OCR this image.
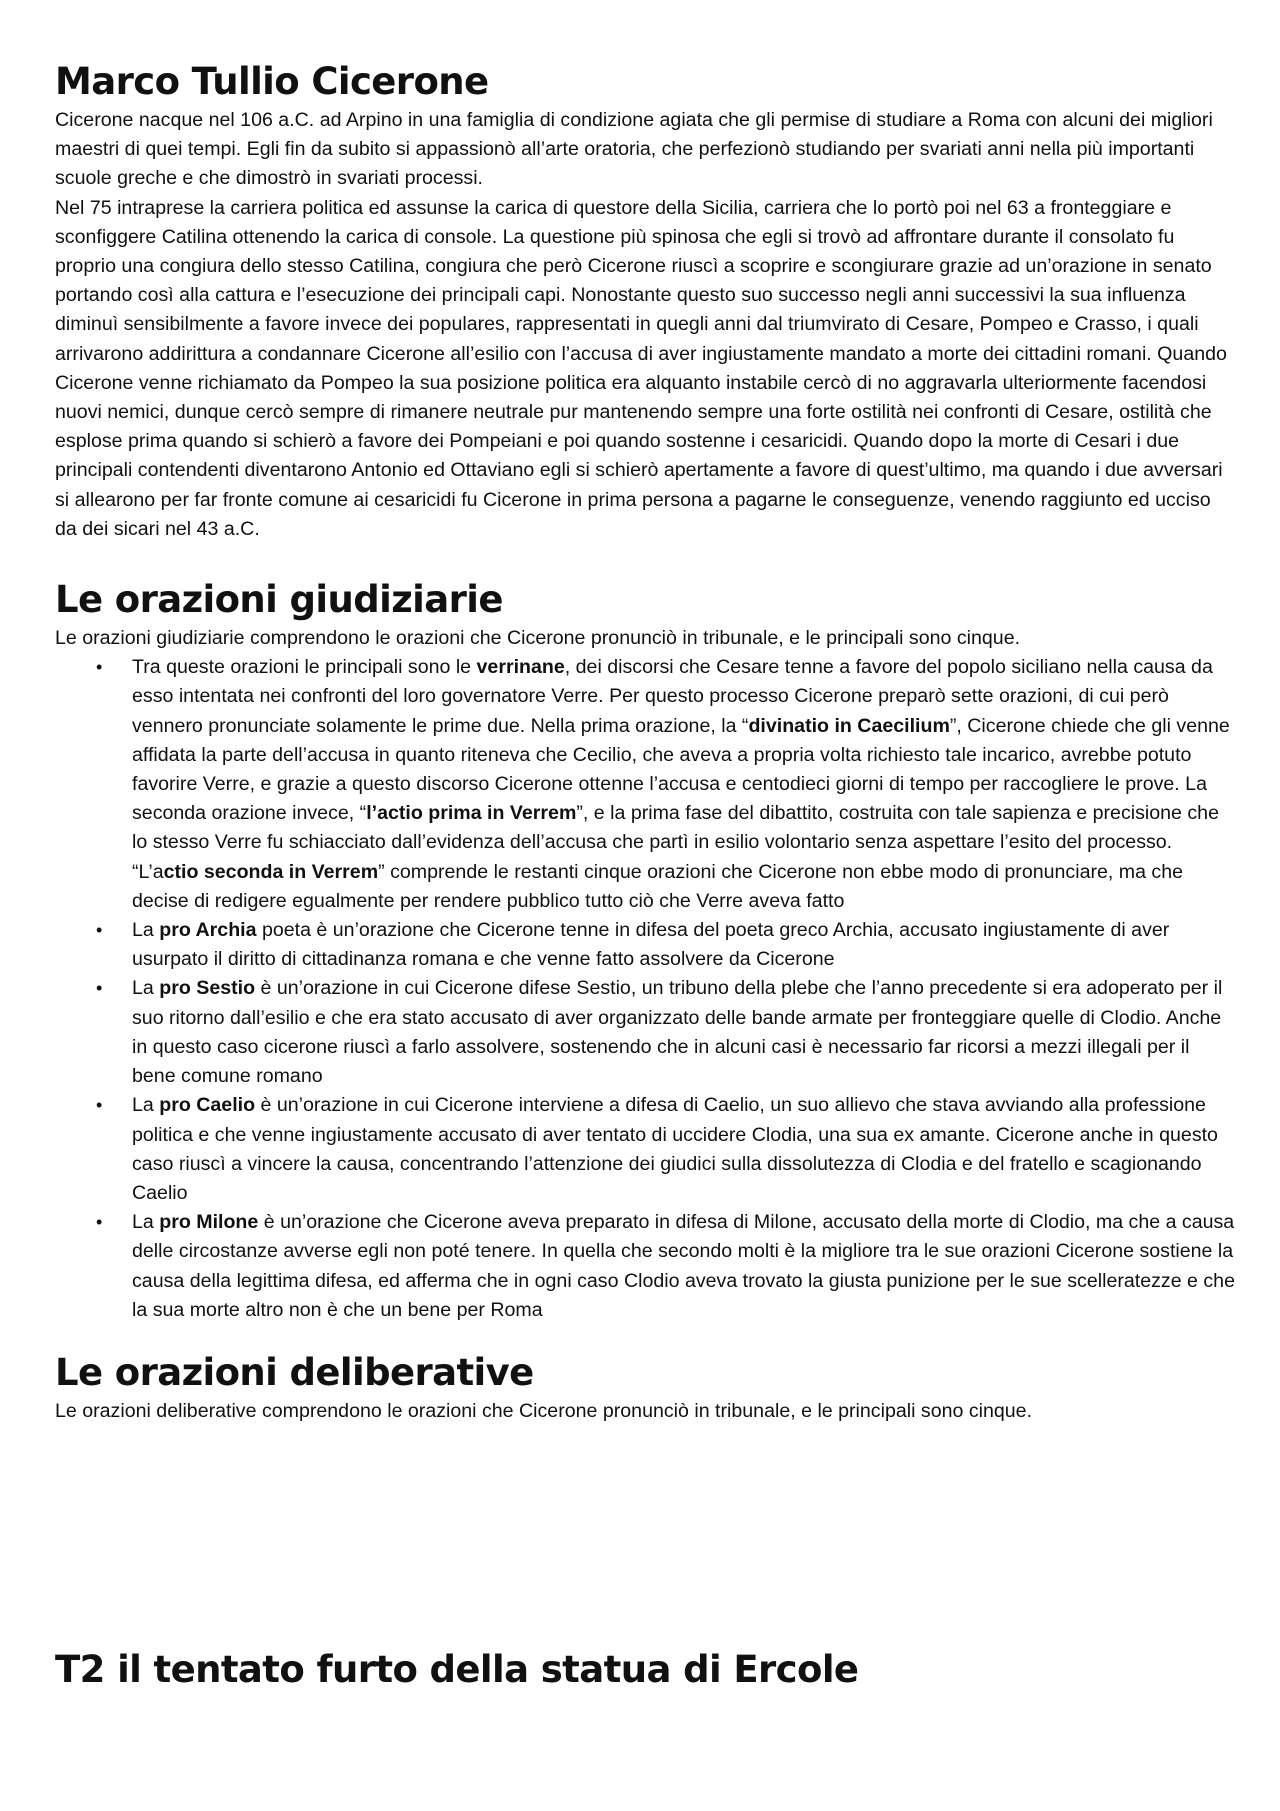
Marco Tullio Cicerone

Cicerone nacque nel 106 a.C. ad Arpino in una famiglia di condizione agiata che gli permise di studiare a Roma con alcuni dei migliori maestri di quei tempi. Egli fin da subito si appassionò all’arte oratoria, che perfezionò studiando per svariati anni nella più importanti scuole greche e che dimostrò in svariati processi.

Nel 75 intraprese la carriera politica ed assunse la carica di questore della Sicilia, carriera che lo portò poi nel 63 a fronteggiare e sconfiggere Catilina ottenendo la carica di console. La questione più spinosa che egli si trovò ad affrontare durante il consolato fu proprio una congiura dello stesso Catilina, congiura che però Cicerone riuscì a scoprire e scongiurare grazie ad un’orazione in senato portando così alla cattura e l’esecuzione dei principali capi. Nonostante questo suo successo negli anni successivi la sua influenza diminuì sensibilmente a favore invece dei populares, rappresentati in quegli anni dal triumvirato di Cesare, Pompeo e Crasso, i quali arrivarono addirittura a condannare Cicerone all’esilio con l’accusa di aver ingiustamente mandato a morte dei cittadini romani. Quando Cicerone venne richiamato da Pompeo la sua posizione politica era alquanto instabile cercò di no aggravarla ulteriormente facendosi nuovi nemici, dunque cercò sempre di rimanere neutrale pur mantenendo sempre una forte ostilità nei confronti di Cesare, ostilità che esplose prima quando si schierò a favore dei Pompeiani e poi quando sostenne i cesaricidi. Quando dopo la morte di Cesari i due principali contendenti diventarono Antonio ed Ottaviano egli si schierò apertamente a favore di quest’ultimo, ma quando i due avversari si allearono per far fronte comune ai cesaricidi fu Cicerone in prima persona a pagarne le conseguenze, venendo raggiunto ed ucciso da dei sicari nel 43 a.C.

Le orazioni giudiziarie

Le orazioni giudiziarie comprendono le orazioni che Cicerone pronunciò in tribunale, e le principali sono cinque.

• Tra queste orazioni le principali sono le verrinane, dei discorsi che Cesare tenne a favore del popolo siciliano nella causa da esso intentata nei confronti del loro governatore Verre. Per questo processo Cicerone preparò sette orazioni, di cui però vennero pronunciate solamente le prime due. Nella prima orazione, la “divinatio in Caecilium”, Cicerone chiede che gli venne affidata la parte dell’accusa in quanto riteneva che Cecilio, che aveva a propria volta richiesto tale incarico, avrebbe potuto favorire Verre, e grazie a questo discorso Cicerone ottenne l’accusa e centodieci giorni di tempo per raccogliere le prove. La seconda orazione invece, “l’actio prima in Verrem”, e la prima fase del dibattito, costruita con tale sapienza e precisione che lo stesso Verre fu schiacciato dall’evidenza dell’accusa che partì in esilio volontario senza aspettare l’esito del processo. “L’actio seconda in Verrem” comprende le restanti cinque orazioni che Cicerone non ebbe modo di pronunciare, ma che decise di redigere egualmente per rendere pubblico tutto ciò che Verre aveva fatto
• La pro Archia poeta è un’orazione che Cicerone tenne in difesa del poeta greco Archia, accusato ingiustamente di aver usurpato il diritto di cittadinanza romana e che venne fatto assolvere da Cicerone
• La pro Sestio è un’orazione in cui Cicerone difese Sestio, un tribuno della plebe che l’anno precedente si era adoperato per il suo ritorno dall’esilio e che era stato accusato di aver organizzato delle bande armate per fronteggiare quelle di Clodio. Anche in questo caso cicerone riuscì a farlo assolvere, sostenendo che in alcuni casi è necessario far ricorsi a mezzi illegali per il bene comune romano
• La pro Caelio è un’orazione in cui Cicerone interviene a difesa di Caelio, un suo allievo che stava avviando alla professione politica e che venne ingiustamente accusato di aver tentato di uccidere Clodia, una sua ex amante. Cicerone anche in questo caso riuscì a vincere la causa, concentrando l’attenzione dei giudici sulla dissolutezza di Clodia e del fratello e scagionando Caelio
• La pro Milone è un’orazione che Cicerone aveva preparato in difesa di Milone, accusato della morte di Clodio, ma che a causa delle circostanze avverse egli non poté tenere. In quella che secondo molti è la migliore tra le sue orazioni Cicerone sostiene la causa della legittima difesa, ed afferma che in ogni caso Clodio aveva trovato la giusta punizione per le sue scelleratezze e che la sua morte altro non è che un bene per Roma
Le orazioni deliberative

Le orazioni deliberative comprendono le orazioni che Cicerone pronunciò in tribunale, e le principali sono cinque.

T2 il tentato furto della statua di Ercole
